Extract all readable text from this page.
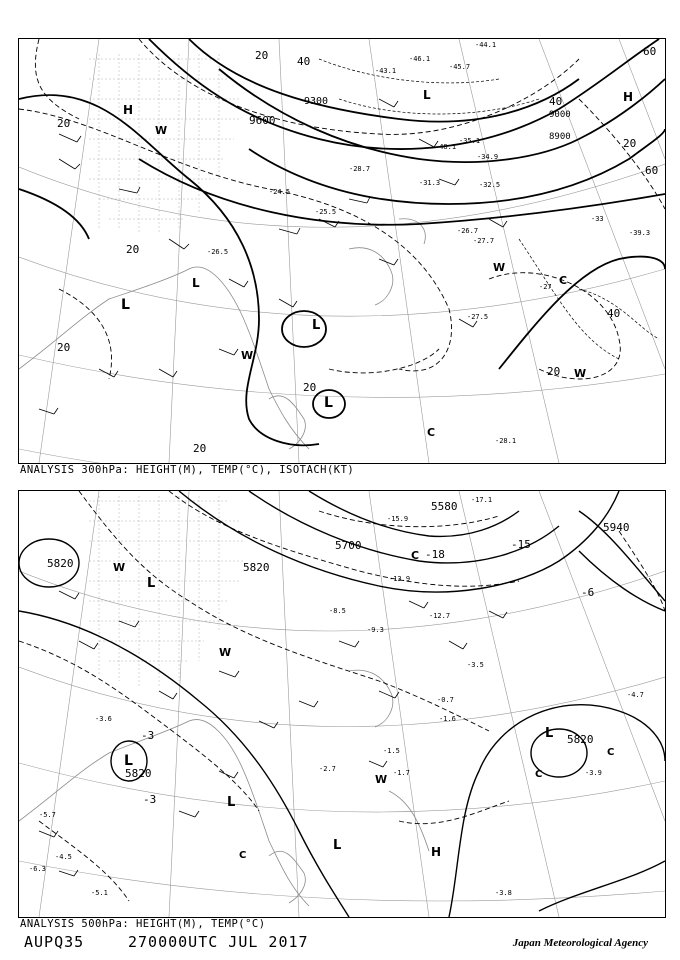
H
H
L
L
L
L
L
C
C
W
W
W
W
9600
9300
9000
8900
20	40
60
40
20
20
20
20
20
20
40
20
60
-43.1
-46.1
-45.7
-44.1
-48.1
-34.9
-35.1
-32.5
-31.3
-26.7
-27.5
-25.5
-24.5
-26.5
-27.7
-28.7
-28.1
-33
-39.3
-27
ANALYSIS 300hPa: HEIGHT(M), TEMP(°C), ISOTACH(KT)
H
L
L
L
L
L
C
C
C
C
W
W
W
5580
5700
5820
5940
5820
5820
5820
-15.9
-17.1
-18
-13.9
-15
-12.7
-9.3
-8.5
-6
-4.7
-3.5
-3
-3
-1.7
-1.5
-3.9
-3.8
-2.7
-5.1
-6.3
-5.7
-4.5
-3.6
-0.7
-1.6
ANALYSIS 500hPa: HEIGHT(M), TEMP(°C)
AUPQ35	270000UTC JUL 2017	Japan Meteorological Agency
